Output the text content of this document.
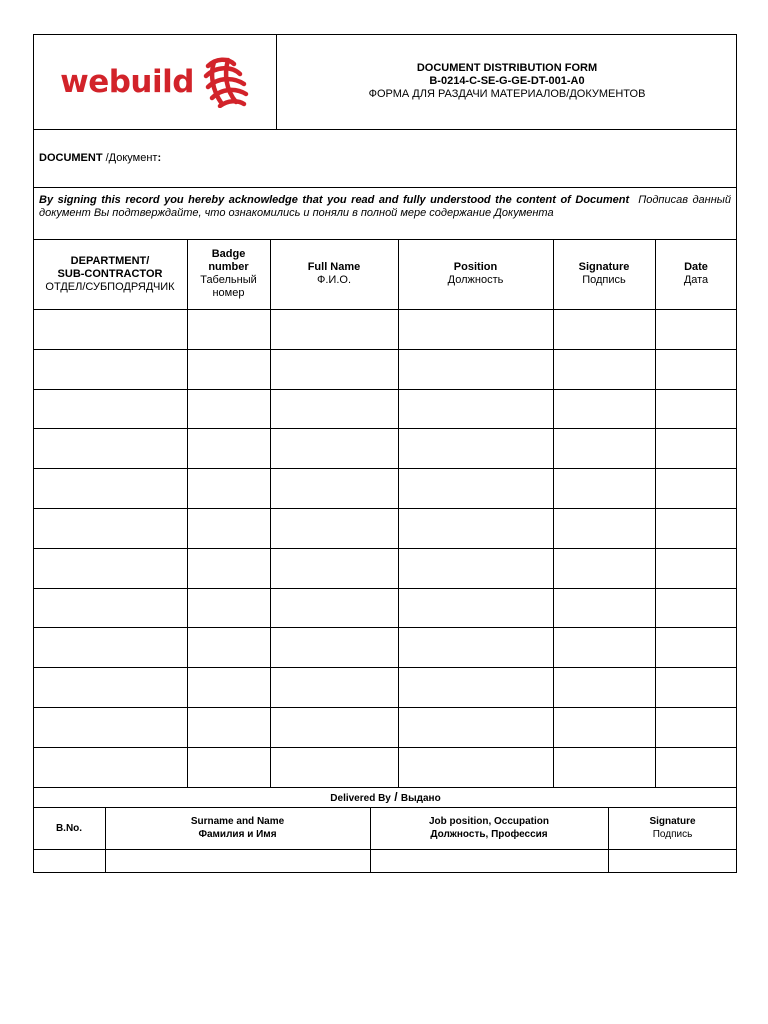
webuild	DOCUMENT DISTRIBUTION FORM
B-0214-C-SE-G-GE-DT-001-A0
ФОРМА ДЛЯ РАЗДАЧИ МАТЕРИАЛОВ/ДОКУМЕНТОВ
DOCUMENT /Документ:
By signing this record you hereby acknowledge that you read and fully understood the content of Document Подписав данный документ Вы подтверждайте, что ознакомились и поняли в полной мере содержание Документа
DEPARTMENT/
SUB-CONTRACTOR
ОТДЕЛ/СУБПОДРЯДЧИК
Badge
number
Табельный
номер
Full Name
Ф.И.О.
Position
Должность
Signature
Подпись
Date
Дата
Delivered By / Выдано
B.No.
Surname and Name
Фамилия и Имя
Job position, Occupation
Должность, Профессия
Signature
Подпись
